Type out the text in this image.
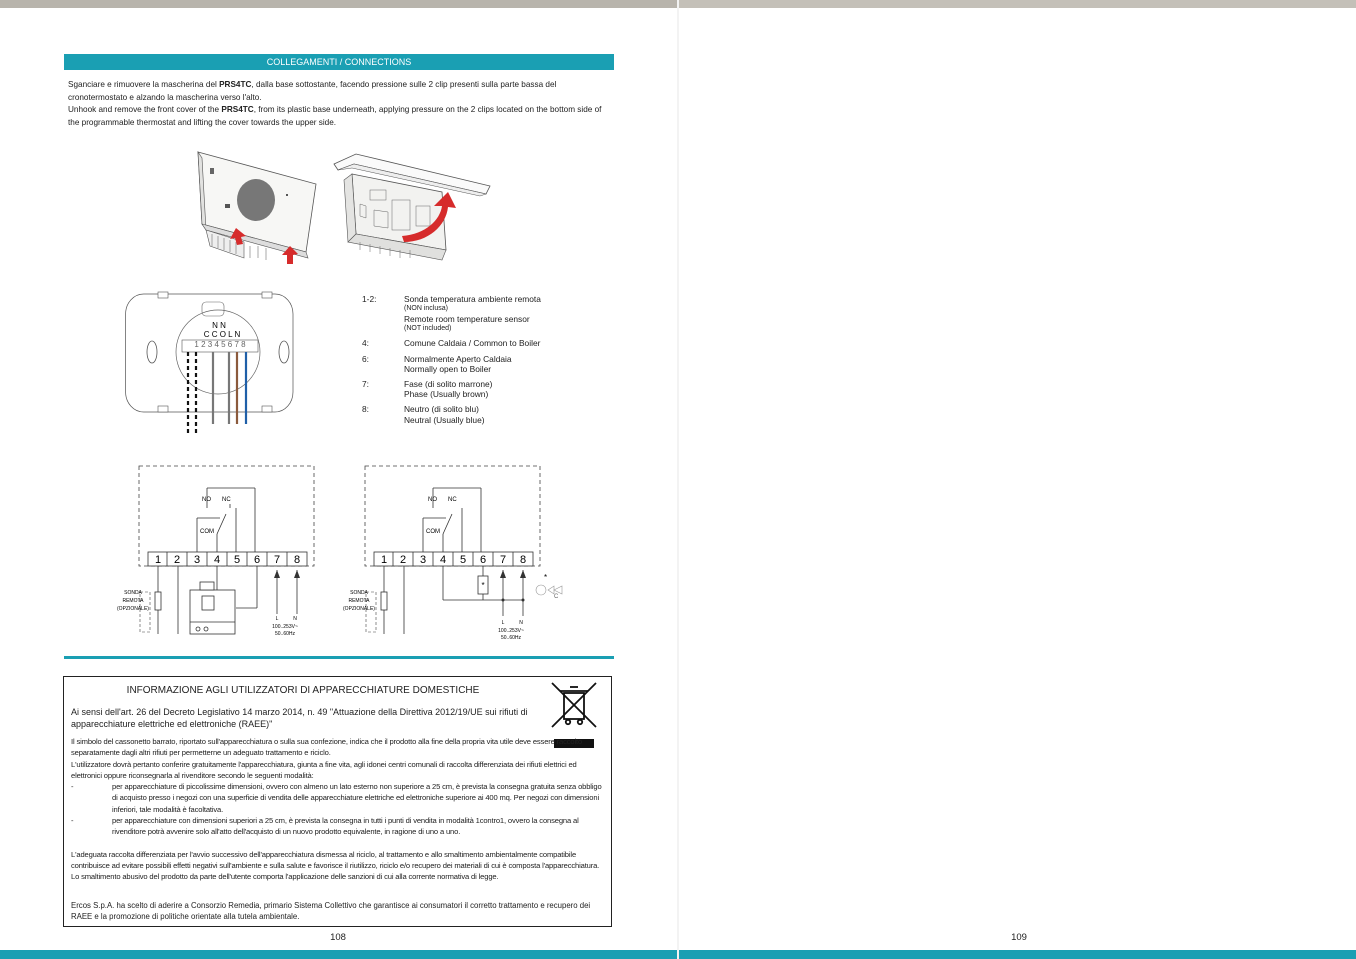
COLLEGAMENTI / CONNECTIONS

Sganciare e rimuovere la mascherina del PRS4TC, dalla base sottostante, facendo pressione sulle 2 clip presenti sulla parte bassa del cronotermostato e alzando la mascherina verso l'alto.

Unhook and remove the front cover of the PRS4TC, from its plastic base underneath, applying pressure on the 2 clips located on the bottom side of the programmable thermostat and lifting the cover towards the upper side.

N N
C C O L N
1 2 3 4 5 6 7 8
1-2:	Sonda temperatura ambiente remota
(NON inclusa)
Remote room temperature sensor
(NOT included)
4:	Comune Caldaia / Common to Boiler
6:	Normalmente Aperto Caldaia
Normally open to Boiler
7:	Fase (di solito marrone)
Phase (Usually brown)
8:	Neutro (di solito blu)
Neutral (Usually blue)
NO NC
COM
1 2 3 4 5 6 7 8
SONDA
REMOTA
(OPZIONALE)
L	N
100..253V~
50..60Hz
NO NC
COM
1 2 3 4 5 6 7 8
*
*
C
SONDA
REMOTA
(OPZIONALE)
L	N
100..253V~
50..60Hz
INFORMAZIONE AGLI UTILIZZATORI DI APPARECCHIATURE DOMESTICHE
Ai sensi dell'art. 26 del Decreto Legislativo 14 marzo 2014, n. 49 "Attuazione della Direttiva 2012/19/UE sui rifiuti di apparecchiature elettriche ed elettroniche (RAEE)"

Il simbolo del cassonetto barrato, riportato sull'apparecchiatura o sulla sua confezione, indica che il prodotto alla fine della propria vita utile deve essere raccolto separatamente dagli altri rifiuti per permetterne un adeguato trattamento e riciclo.

L'utilizzatore dovrà pertanto conferire gratuitamente l'apparecchiatura, giunta a fine vita, agli idonei centri comunali di raccolta differenziata dei rifiuti elettrici ed elettronici oppure riconsegnarla al rivenditore secondo le seguenti modalità:

-	per apparecchiature di piccolissime dimensioni, ovvero con almeno un lato esterno non superiore a 25 cm, è prevista la consegna gratuita senza obbligo di acquisto presso i negozi con una superficie di vendita delle apparecchiature elettriche ed elettroniche superiore ai 400 mq. Per negozi con dimensioni inferiori, tale modalità è facoltativa.
-	per apparecchiature con dimensioni superiori a 25 cm, è prevista la consegna in tutti i punti di vendita in modalità 1contro1, ovvero la consegna al rivenditore potrà avvenire solo all'atto dell'acquisto di un nuovo prodotto equivalente, in ragione di uno a uno.

L'adeguata raccolta differenziata per l'avvio successivo dell'apparecchiatura dismessa al riciclo, al trattamento e allo smaltimento ambientalmente compatibile contribuisce ad evitare possibili effetti negativi sull'ambiente e sulla salute e favorisce il riutilizzo, riciclo e/o recupero dei materiali di cui è composta l'apparecchiatura.

Lo smaltimento abusivo del prodotto da parte dell'utente comporta l'applicazione delle sanzioni di cui alla corrente normativa di legge.

Ercos S.p.A. ha scelto di aderire a Consorzio Remedia, primario Sistema Collettivo che garantisce ai consumatori il corretto trattamento e recupero dei RAEE e la promozione di politiche orientate alla tutela ambientale.
108	109
